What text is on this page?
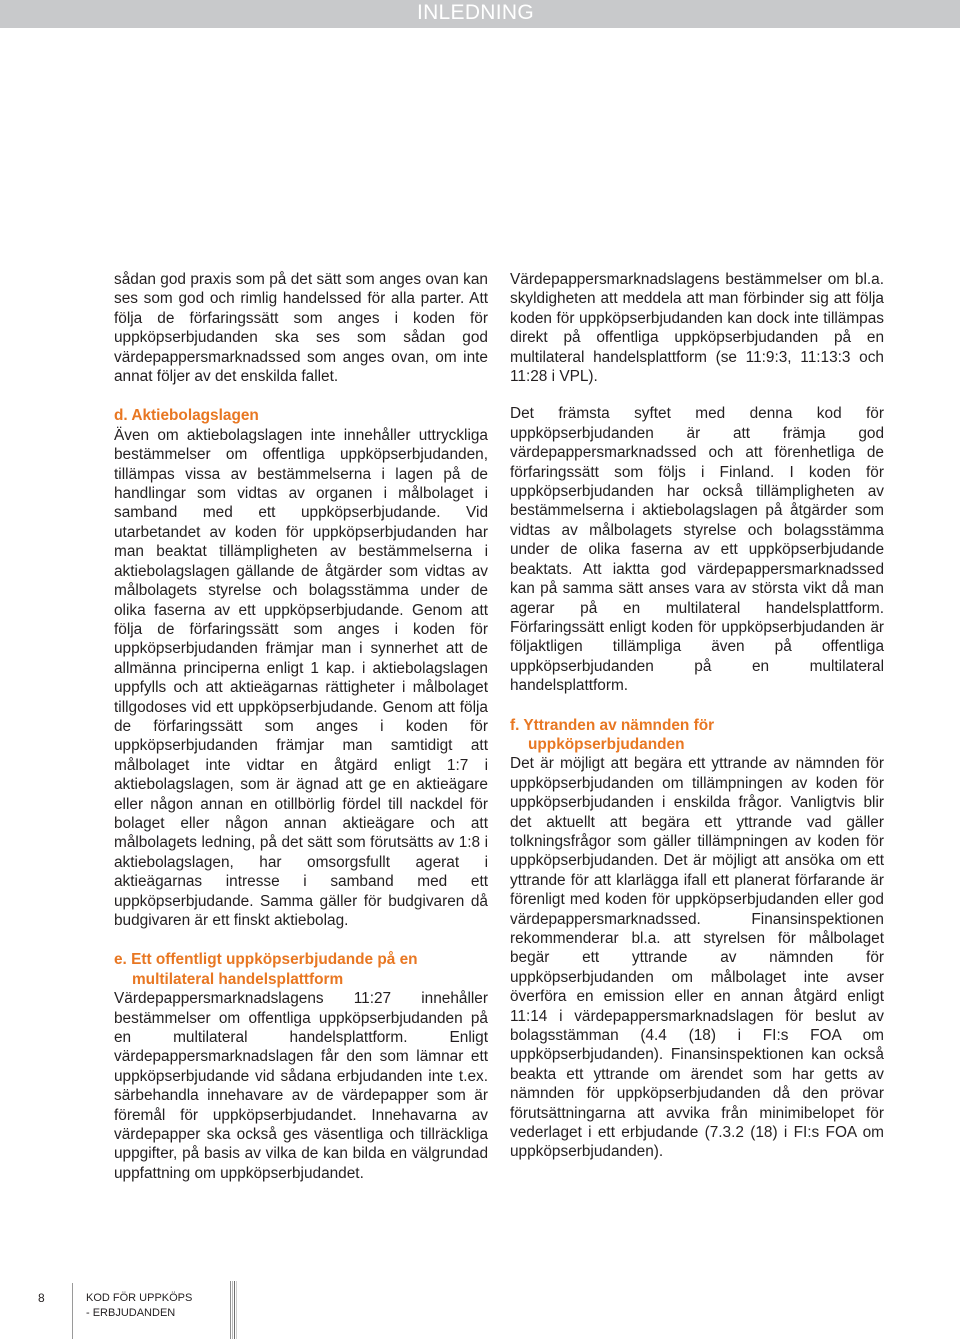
INLEDNING

sådan god praxis som på det sätt som anges ovan kan ses som god och rimlig handelssed för alla parter. Att följa de förfaringssätt som anges i koden för uppköpserbjudanden ska ses som sådan god värdepappersmarknadssed som anges ovan, om inte annat följer av det enskilda fallet.

d. Aktiebolagslagen

Även om aktiebolagslagen inte innehåller uttryckliga bestämmelser om offentliga uppköpserbjudanden, tillämpas vissa av bestämmelserna i lagen på de handlingar som vidtas av organen i målbolaget i samband med ett uppköpserbjudande. Vid utarbetandet av koden för uppköpserbjudanden har man beaktat tillämpligheten av bestämmelserna i aktiebolagslagen gällande de åtgärder som vidtas av målbolagets styrelse och bolagsstämma under de olika faserna av ett uppköpserbjudande. Genom att följa de förfaringssätt som anges i koden för uppköpserbjudanden främjar man i synnerhet att de allmänna principerna enligt 1 kap. i aktiebolagslagen uppfylls och att aktieägarnas rättigheter i målbolaget tillgodoses vid ett uppköpserbjudande. Genom att följa de förfaringssätt som anges i koden för uppköpserbjudanden främjar man samtidigt att målbolaget inte vidtar en åtgärd enligt 1:7 i aktiebolagslagen, som är ägnad att ge en aktieägare eller någon annan en otillbörlig fördel till nackdel för bolaget eller någon annan aktieägare och att målbolagets ledning, på det sätt som förutsätts av 1:8 i aktiebolagslagen, har omsorgsfullt agerat i aktieägarnas intresse i samband med ett uppköpserbjudande. Samma gäller för budgivaren då budgivaren är ett finskt aktiebolag.

e. Ett offentligt uppköpserbjudande på en
multilateral handelsplattform

Värdepappersmarknadslagens 11:27 innehåller bestämmelser om offentliga uppköpserbjudanden på en multilateral handelsplattform. Enligt värdepappersmarknadslagen får den som lämnar ett uppköpserbjudande vid sådana erbjudanden inte t.ex. särbehandla innehavare av de värdepapper som är föremål för uppköpserbjudandet. Innehavarna av värdepapper ska också ges väsentliga och tillräckliga uppgifter, på basis av vilka de kan bilda en välgrundad uppfattning om uppköpserbjudandet.

Värdepappersmarknadslagens bestämmelser om bl.a. skyldigheten att meddela att man förbinder sig att följa koden för uppköpserbjudanden kan dock inte tillämpas direkt på offentliga uppköpserbjudanden på en multilateral handelsplattform (se 11:9:3, 11:13:3 och 11:28 i VPL).

Det främsta syftet med denna kod för uppköpserbjudanden är att främja god värdepappersmarknadssed och att förenhetliga de förfaringssätt som följs i Finland. I koden för uppköpserbjudanden har också tillämpligheten av bestämmelserna i aktiebolagslagen på åtgärder som vidtas av målbolagets styrelse och bolagsstämma under de olika faserna av ett uppköpserbjudande beaktats. Att iaktta god värdepappersmarknadssed kan på samma sätt anses vara av största vikt då man agerar på en multilateral handelsplattform. Förfaringssätt enligt koden för uppköpserbjudanden är följaktligen tillämpliga även på offentliga uppköpserbjudanden på en multilateral handelsplattform.

f. Yttranden av nämnden för
uppköpserbjudanden

Det är möjligt att begära ett yttrande av nämnden för uppköpserbjudanden om tillämpningen av koden för uppköpserbjudanden i enskilda frågor. Vanligtvis blir det aktuellt att begära ett yttrande vad gäller tolkningsfrågor som gäller tillämpningen av koden för uppköpserbjudanden. Det är möjligt att ansöka om ett yttrande för att klarlägga ifall ett planerat förfarande är förenligt med koden för uppköpserbjudanden eller god värdepappersmarknadssed. Finansinspektionen rekommenderar bl.a. att styrelsen för målbolaget begär ett yttrande av nämnden för uppköpserbjudanden om målbolaget inte avser överföra en emission eller en annan åtgärd enligt 11:14 i värdepappersmarknadslagen för beslut av bolagsstämman (4.4 (18) i FI:s FOA om uppköpserbjudanden). Finansinspektionen kan också beakta ett yttrande om ärendet som har getts av nämnden för uppköpserbjudanden då den prövar förutsättningarna att avvika från minimibelopet för vederlaget i ett erbjudande (7.3.2 (18) i FI:s FOA om uppköpserbjudanden).

8	KOD FÖR UPPKÖPS
- ERBJUDANDEN
